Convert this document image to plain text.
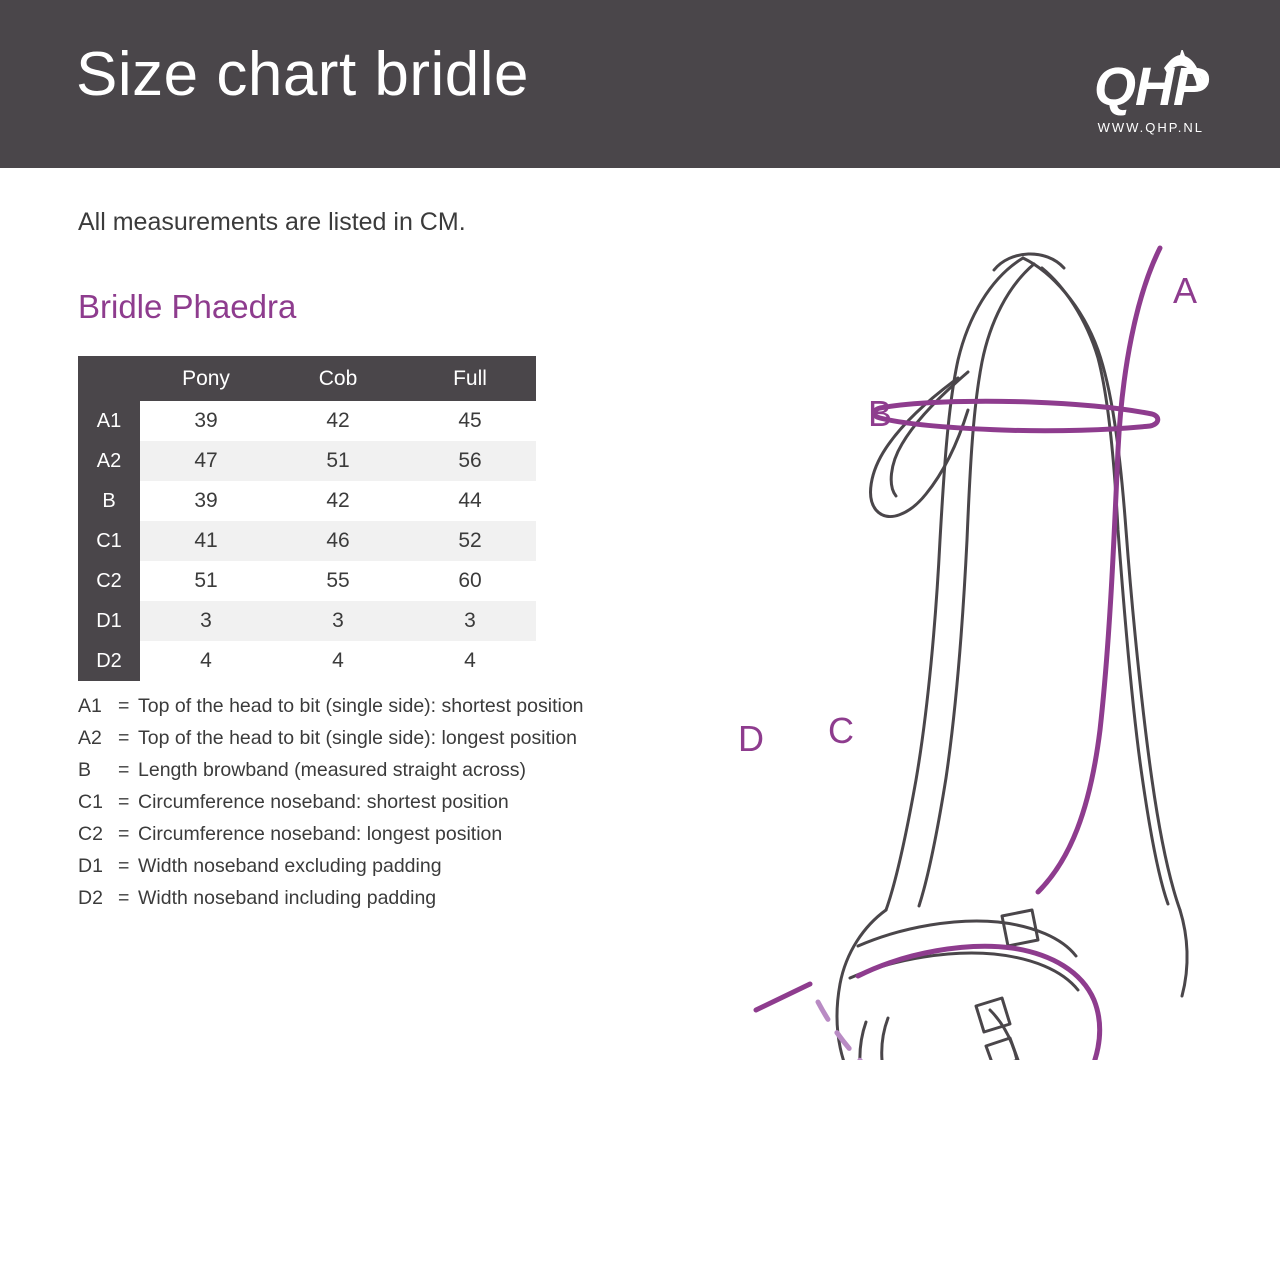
Size chart bridle	QHP
WWW.QHP.NL
All measurements are listed in CM.
Bridle Phaedra
	Pony	Cob	Full
A1	39	42	45
A2	47	51	56
B	39	42	44
C1	41	46	52
C2	51	55	60
D1	3	3	3
D2	4	4	4
A1 = Top of the head to bit (single side): shortest position
A2 = Top of the head to bit (single side): longest position
B	= Length browband (measured straight across)
C1 = Circumference noseband: shortest position
C2 = Circumference noseband: longest position
D1 = Width noseband excluding padding
D2 = Width noseband including padding
A
B
C
D
